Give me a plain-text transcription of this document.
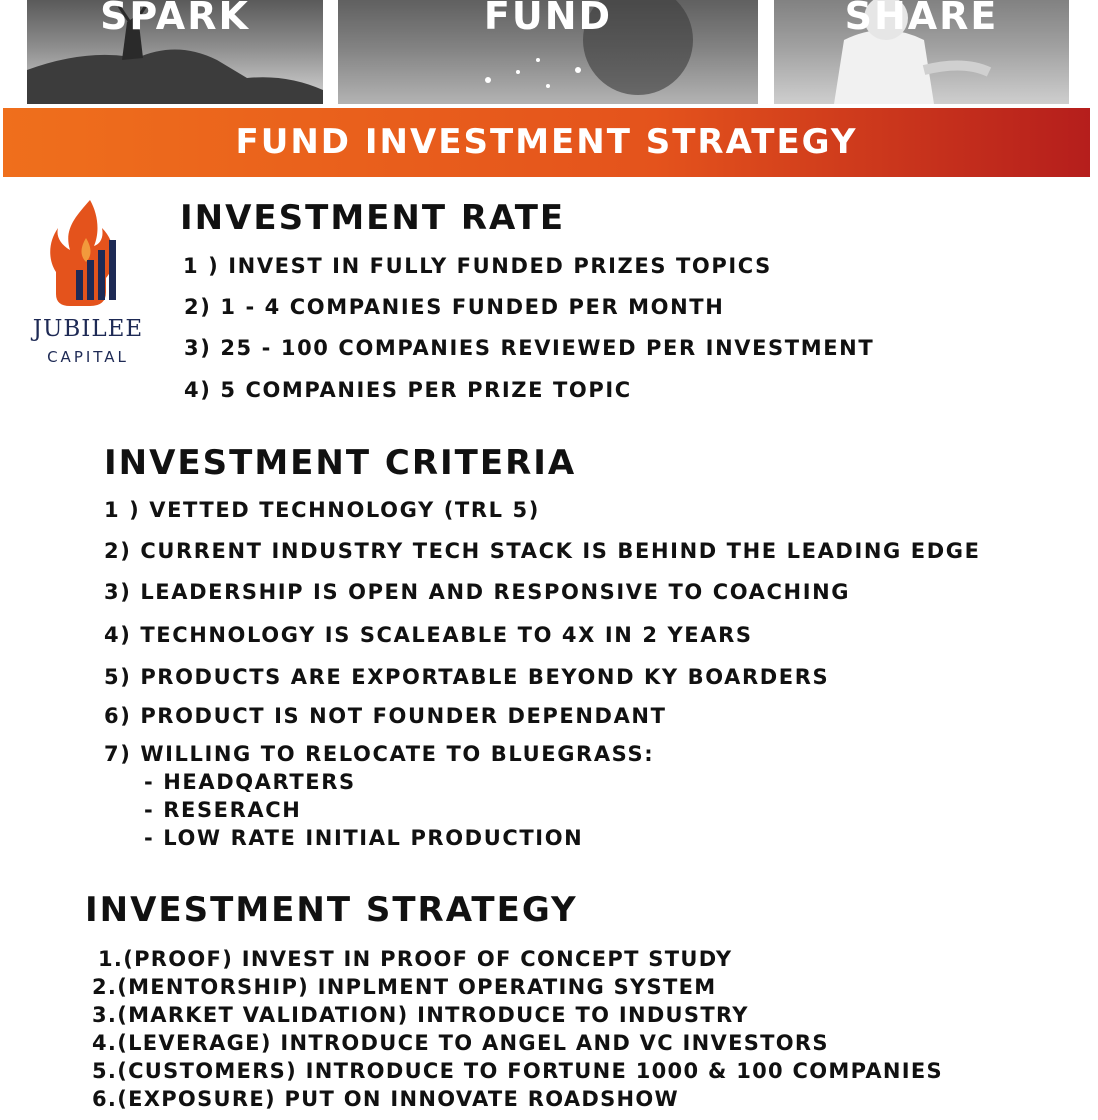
SPARK	FUND	SHARE
FUND INVESTMENT STRATEGY
JUBILEE
CAPITAL
INVESTMENT RATE
1 ) INVEST IN FULLY FUNDED PRIZES TOPICS
2) 1 - 4 COMPANIES FUNDED PER MONTH
3) 25 - 100 COMPANIES REVIEWED PER INVESTMENT
4) 5 COMPANIES PER PRIZE TOPIC
INVESTMENT CRITERIA
1 ) VETTED TECHNOLOGY (TRL 5)
2) CURRENT INDUSTRY TECH STACK IS BEHIND THE LEADING EDGE
3) LEADERSHIP IS OPEN AND RESPONSIVE TO COACHING
4) TECHNOLOGY IS SCALEABLE TO 4X IN 2 YEARS
5) PRODUCTS ARE EXPORTABLE BEYOND KY BOARDERS
6) PRODUCT IS NOT FOUNDER DEPENDANT
7) WILLING TO RELOCATE TO BLUEGRASS:
- HEADQARTERS
- RESERACH
- LOW RATE INITIAL PRODUCTION
INVESTMENT STRATEGY
1.(PROOF) INVEST IN PROOF OF CONCEPT STUDY
2.(MENTORSHIP) INPLMENT OPERATING SYSTEM
3.(MARKET VALIDATION) INTRODUCE TO INDUSTRY
4.(LEVERAGE) INTRODUCE TO ANGEL AND VC INVESTORS
5.(CUSTOMERS) INTRODUCE TO FORTUNE 1000 & 100 COMPANIES
6.(EXPOSURE) PUT ON INNOVATE ROADSHOW
